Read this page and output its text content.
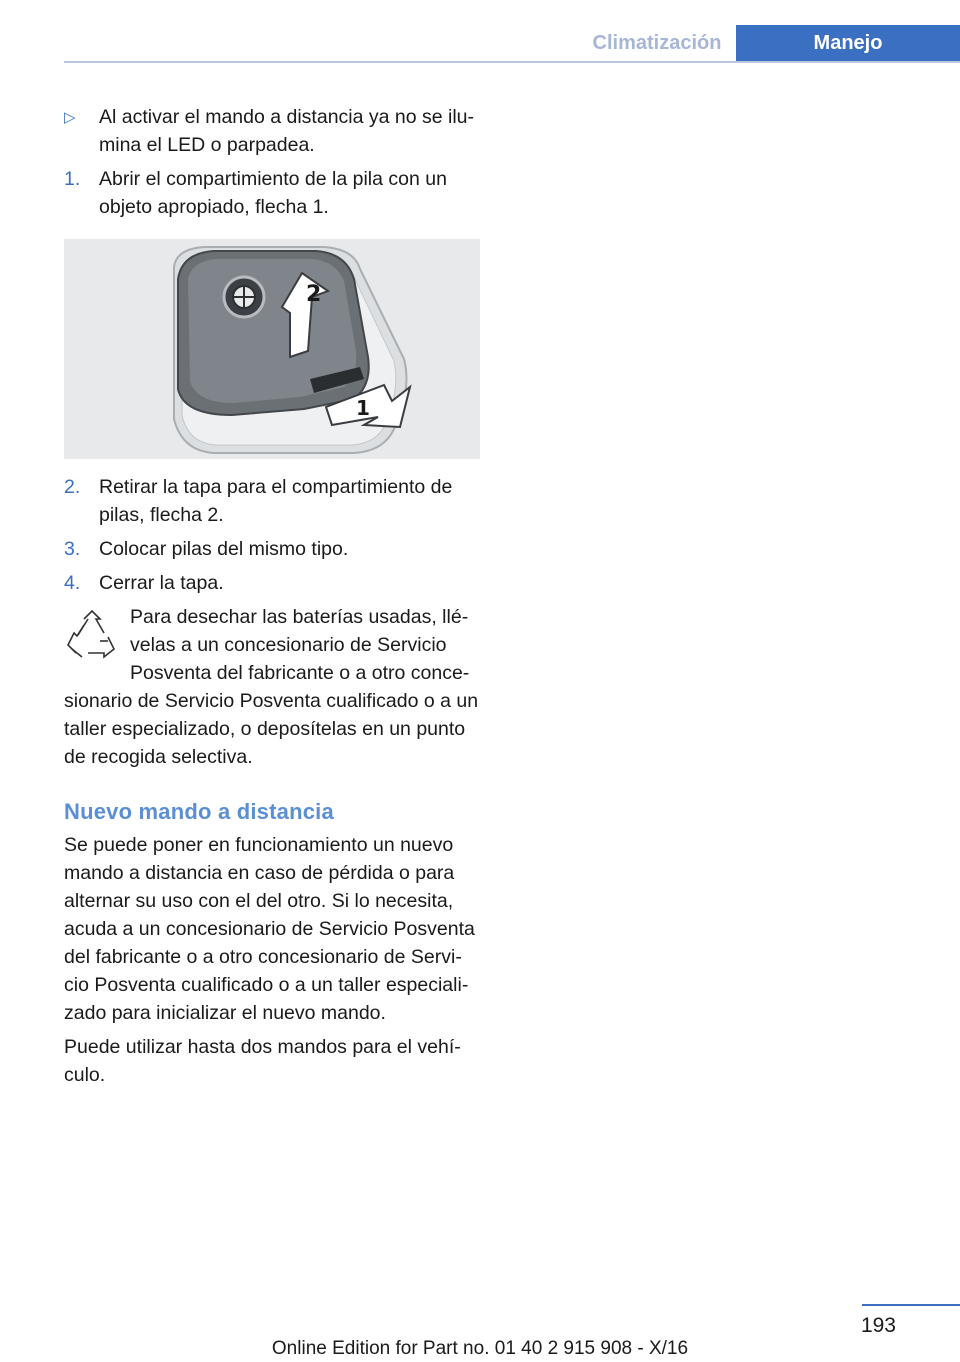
Climatización	Manejo
▷ Al activar el mando a distancia ya no se ilu-mina el LED o parpadea.
1. Abrir el compartimiento de la pila con un objeto apropiado, flecha 1.
2
1
2. Retirar la tapa para el compartimiento de pilas, flecha 2.
3. Colocar pilas del mismo tipo.
4. Cerrar la tapa.
Para desechar las baterías usadas, llé-velas a un concesionario de Servicio Posventa del fabricante o a otro conce-sionario de Servicio Posventa cualificado o a un taller especializado, o deposítelas en un punto de recogida selectiva.
Nuevo mando a distancia

Se puede poner en funcionamiento un nuevo mando a distancia en caso de pérdida o para alternar su uso con el del otro. Si lo necesita, acuda a un concesionario de Servicio Posventa del fabricante o a otro concesionario de Servi-cio Posventa cualificado o a un taller especiali-zado para inicializar el nuevo mando.

Puede utilizar hasta dos mandos para el vehí-culo.

193
Online Edition for Part no. 01 40 2 915 908 - X/16
